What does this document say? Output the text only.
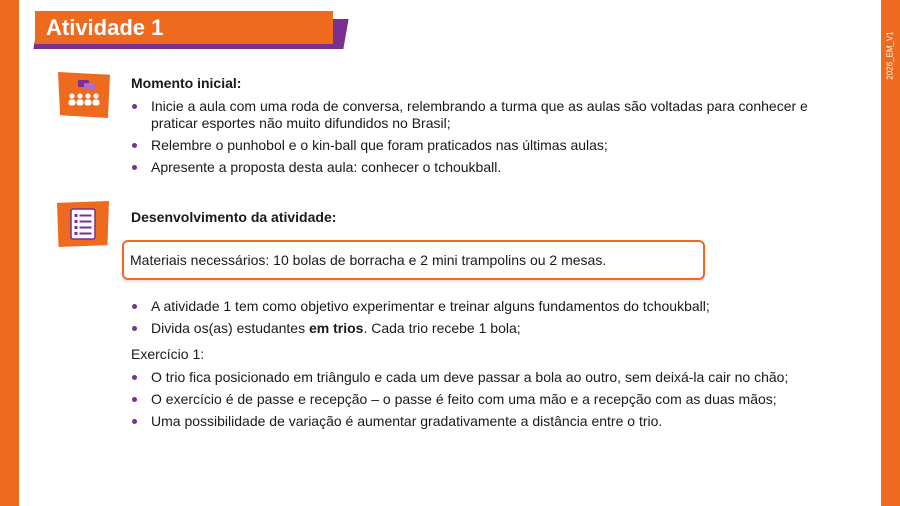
2026_EM_V1
Atividade 1
Momento inicial:
Inicie a aula com uma roda de conversa, relembrando a turma que as aulas são voltadas para conhecer e praticar esportes não muito difundidos no Brasil;
Relembre o punhobol e o kin-ball que foram praticados nas últimas aulas;
Apresente a proposta desta aula: conhecer o tchoukball.
Desenvolvimento da atividade:
Materiais necessários: 10 bolas de borracha e 2 mini trampolins ou 2 mesas.
A atividade 1 tem como objetivo experimentar e treinar alguns fundamentos do tchoukball;
Divida os(as) estudantes em trios. Cada trio recebe 1 bola;
Exercício 1:
O trio fica posicionado em triângulo e cada um deve passar a bola ao outro, sem deixá-la cair no chão;
O exercício é de passe e recepção – o passe é feito com uma mão e a recepção com as duas mãos;
Uma possibilidade de variação é aumentar gradativamente a distância entre o trio.
